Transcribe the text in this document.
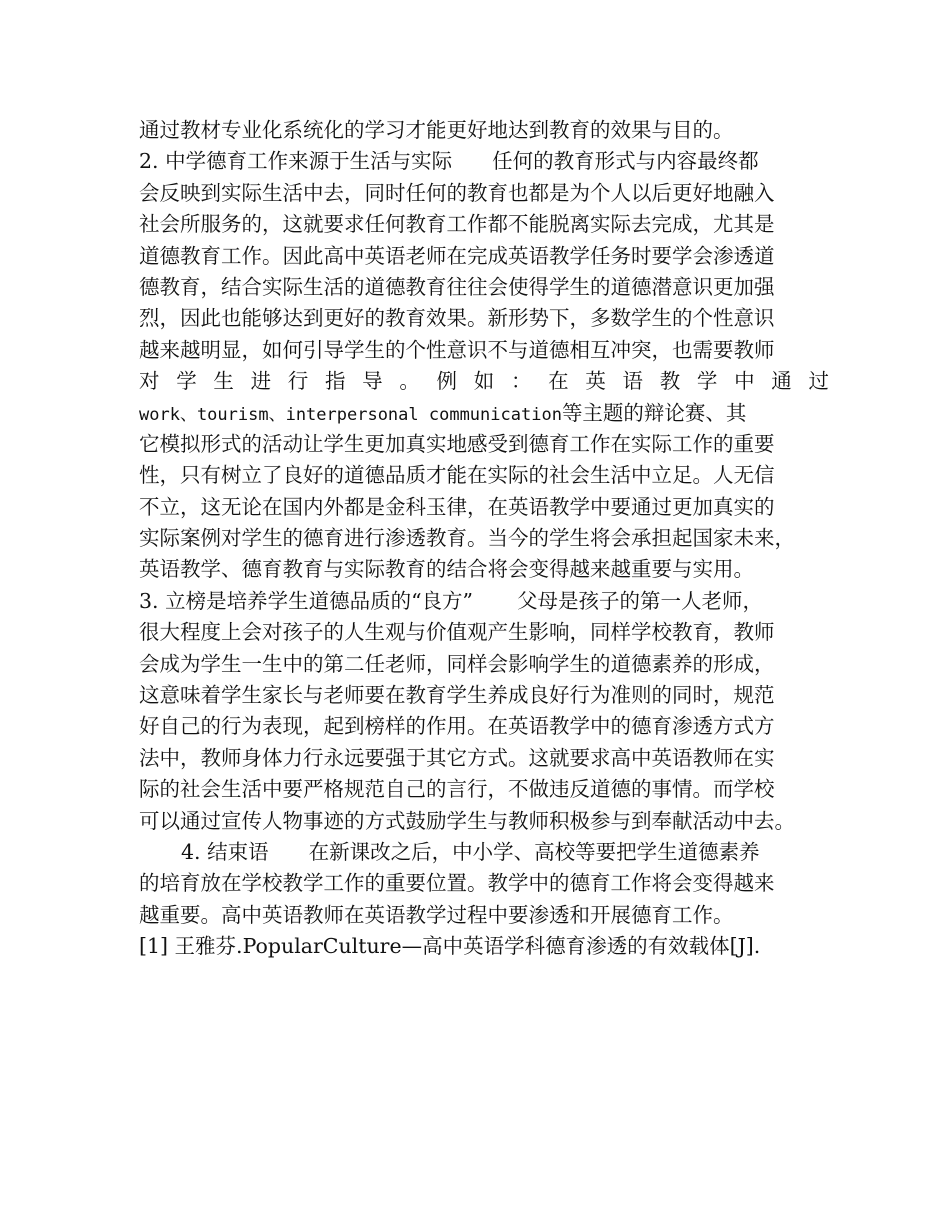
通过教材专业化系统化的学习才能更好地达到教育的效果与目的。
2. 中学德育工作来源于生活与实际 任何的教育形式与内容最终都
会反映到实际生活中去，同时任何的教育也都是为个人以后更好地融入
社会所服务的，这就要求任何教育工作都不能脱离实际去完成，尤其是
道德教育工作。因此高中英语老师在完成英语教学任务时要学会渗透道
德教育，结合实际生活的道德教育往往会使得学生的道德潜意识更加强
烈，因此也能够达到更好的教育效果。新形势下，多数学生的个性意识
越来越明显，如何引导学生的个性意识不与道德相互冲突，也需要教师
对 学 生 进 行 指 导 。 例 如 ： 在 英 语 教 学 中 通 过
work、tourism、interpersonal communication等主题的辩论赛、其
它模拟形式的活动让学生更加真实地感受到德育工作在实际工作的重要
性，只有树立了良好的道德品质才能在实际的社会生活中立足。人无信
不立，这无论在国内外都是金科玉律，在英语教学中要通过更加真实的
实际案例对学生的德育进行渗透教育。当今的学生将会承担起国家未来，
英语教学、德育教育与实际教育的结合将会变得越来越重要与实用。
3. 立榜是培养学生道德品质的“良方” 父母是孩子的第一人老师，
很大程度上会对孩子的人生观与价值观产生影响，同样学校教育，教师
会成为学生一生中的第二任老师，同样会影响学生的道德素养的形成，
这意味着学生家长与老师要在教育学生养成良好行为准则的同时，规范
好自己的行为表现，起到榜样的作用。在英语教学中的德育渗透方式方
法中，教师身体力行永远要强于其它方式。这就要求高中英语教师在实
际的社会生活中要严格规范自己的言行，不做违反道德的事情。而学校
可以通过宣传人物事迹的方式鼓励学生与教师积极参与到奉献活动中去。
4. 结束语 在新课改之后，中小学、高校等要把学生道德素养
的培育放在学校教学工作的重要位置。教学中的德育工作将会变得越来
越重要。高中英语教师在英语教学过程中要渗透和开展德育工作。
[1] 王雅芬.PopularCulture—高中英语学科德育渗透的有效载体[J].
